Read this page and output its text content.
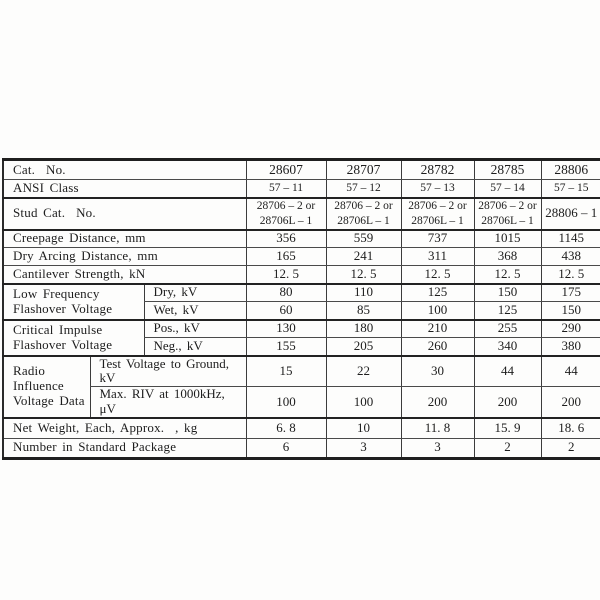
Cat.  No.			28607	28707	28782	28785	28806
ANSI Class			57 – 11	57 – 12	57 – 13	57 – 14	57 – 15
Stud Cat.  No.			28706 – 2 or 28706L – 1	28706 – 2 or 28706L – 1	28706 – 2 or 28706L – 1	28706 – 2 or 28706L – 1	28806 – 1
Creepage Distance, mm			356	559	737	1015	1145
Dry Arcing Distance, mm			165	241	311	368	438
Cantilever Strength, kN			12. 5	12. 5	12. 5	12. 5	12. 5
Low Frequency Flashover Voltage		Dry, kV	80	110	125	150	175
		Wet, kV	60	85	100	125	150
Critical Impulse Flashover Voltage		Pos., kV	130	180	210	255	290
		Neg., kV	155	205	260	340	380
Radio Influence Voltage Data	Test Voltage to Ground, kV		15	22	30	44	44
	Max. RIV at 1000kHz, μV		100	100	200	200	200
Net Weight, Each, Approx.  , kg			6. 8	10	11. 8	15. 9	18. 6
Number in Standard Package			6	3	3	2	2
